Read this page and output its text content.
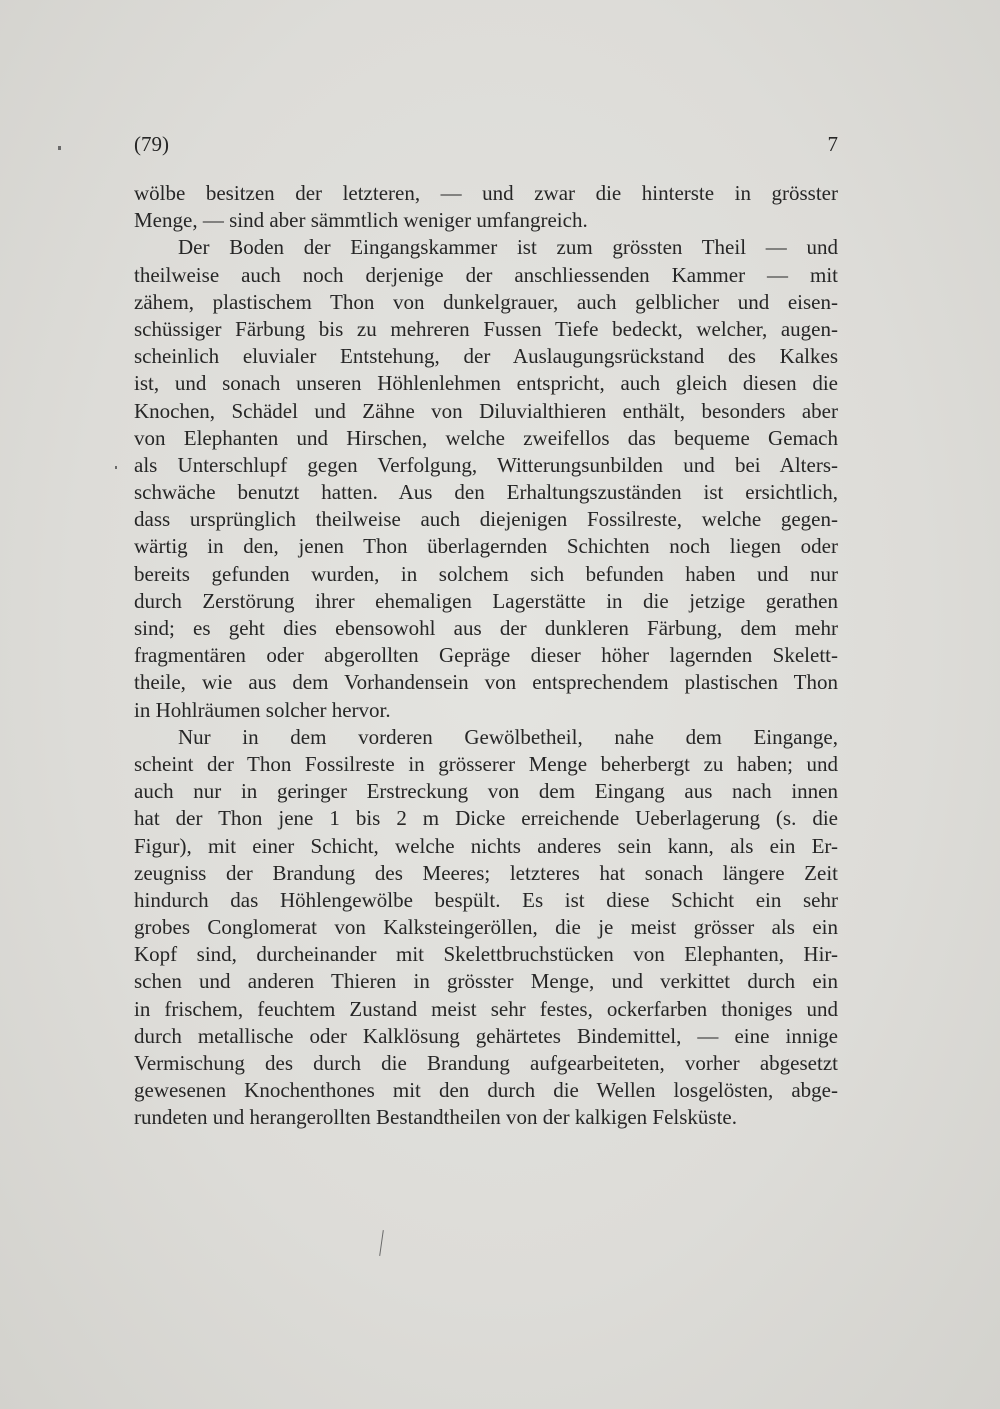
(79)	7
wölbe besitzen der letzteren, — und zwar die hinterste in grösster
Menge, — sind aber sämmtlich weniger umfangreich.
Der Boden der Eingangskammer ist zum grössten Theil — und
theilweise auch noch derjenige der anschliessenden Kammer — mit
zähem, plastischem Thon von dunkelgrauer, auch gelblicher und eisen-
schüssiger Färbung bis zu mehreren Fussen Tiefe bedeckt, welcher, augen-
scheinlich eluvialer Entstehung, der Auslaugungsrückstand des Kalkes
ist, und sonach unseren Höhlenlehmen entspricht, auch gleich diesen die
Knochen, Schädel und Zähne von Diluvialthieren enthält, besonders aber
von Elephanten und Hirschen, welche zweifellos das bequeme Gemach
als Unterschlupf gegen Verfolgung, Witterungsunbilden und bei Alters-
schwäche benutzt hatten. Aus den Erhaltungszuständen ist ersichtlich,
dass ursprünglich theilweise auch diejenigen Fossilreste, welche gegen-
wärtig in den, jenen Thon überlagernden Schichten noch liegen oder
bereits gefunden wurden, in solchem sich befunden haben und nur
durch Zerstörung ihrer ehemaligen Lagerstätte in die jetzige gerathen
sind; es geht dies ebensowohl aus der dunkleren Färbung, dem mehr
fragmentären oder abgerollten Gepräge dieser höher lagernden Skelett-
theile, wie aus dem Vorhandensein von entsprechendem plastischen Thon
in Hohlräumen solcher hervor.
Nur in dem vorderen Gewölbetheil, nahe dem Eingange,
scheint der Thon Fossilreste in grösserer Menge beherbergt zu haben; und
auch nur in geringer Erstreckung von dem Eingang aus nach innen
hat der Thon jene 1 bis 2 m Dicke erreichende Ueberlagerung (s. die
Figur), mit einer Schicht, welche nichts anderes sein kann, als ein Er-
zeugniss der Brandung des Meeres; letzteres hat sonach längere Zeit
hindurch das Höhlengewölbe bespült. Es ist diese Schicht ein sehr
grobes Conglomerat von Kalksteingeröllen, die je meist grösser als ein
Kopf sind, durcheinander mit Skelettbruchstücken von Elephanten, Hir-
schen und anderen Thieren in grösster Menge, und verkittet durch ein
in frischem, feuchtem Zustand meist sehr festes, ockerfarben thoniges und
durch metallische oder Kalklösung gehärtetes Bindemittel, — eine innige
Vermischung des durch die Brandung aufgearbeiteten, vorher abgesetzt
gewesenen Knochenthones mit den durch die Wellen losgelösten, abge-
rundeten und herangerollten Bestandtheilen von der kalkigen Felsküste.
